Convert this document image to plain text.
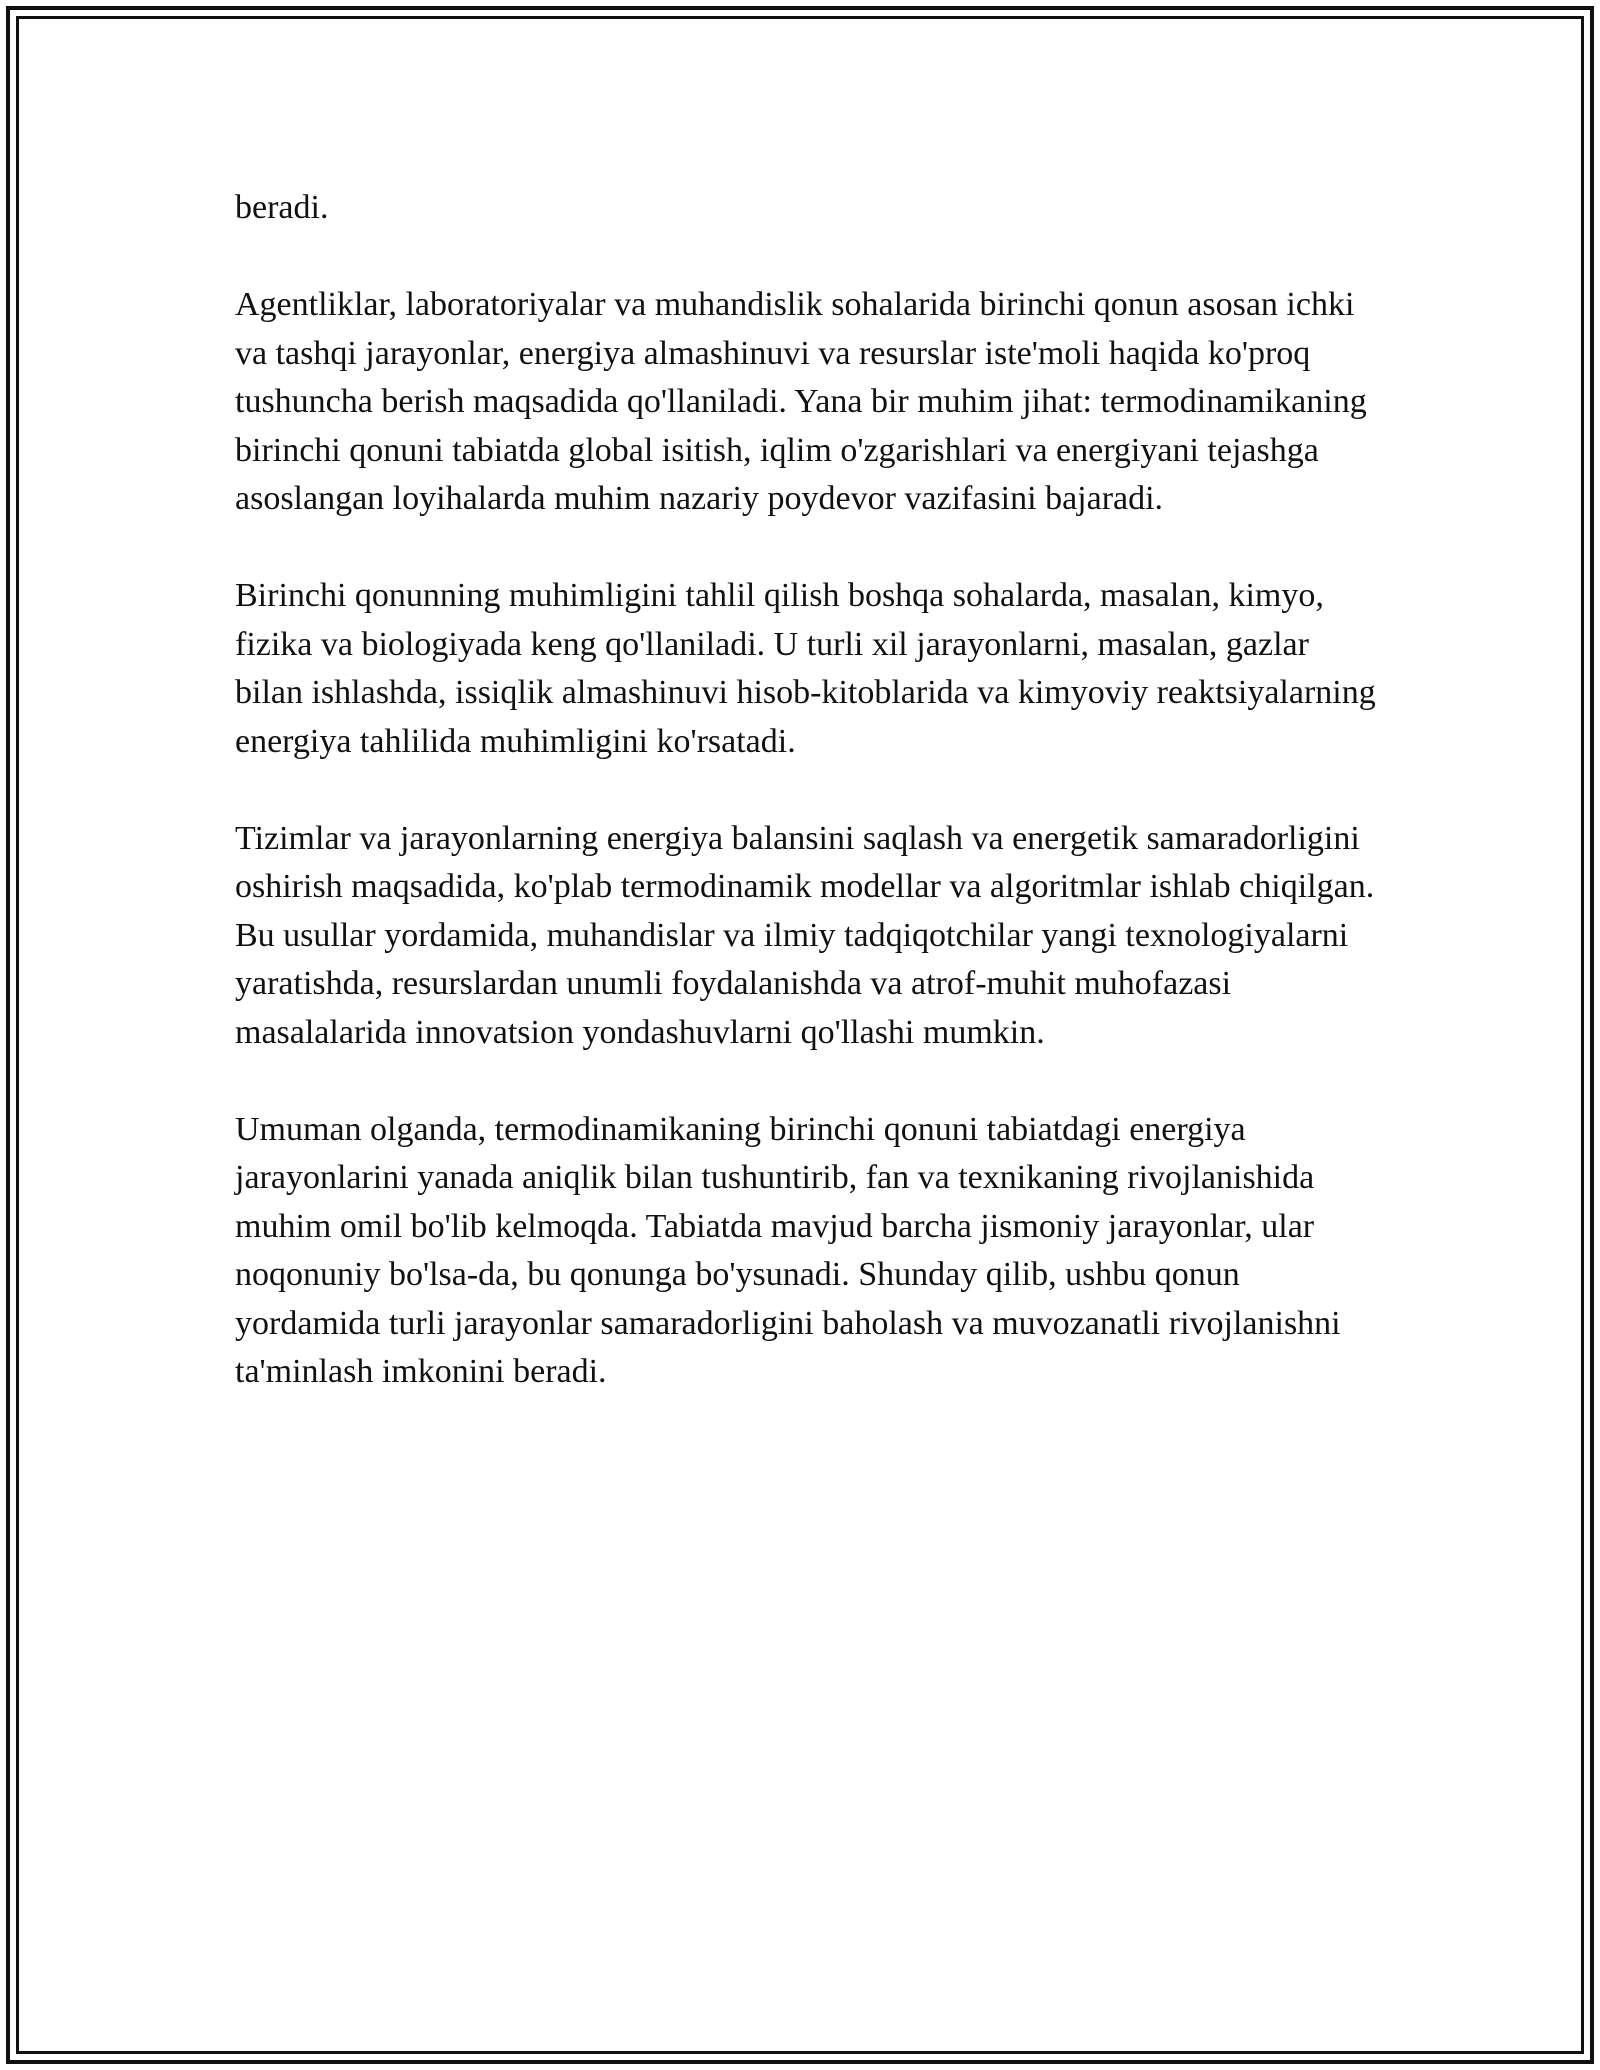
beradi.

Agentliklar, laboratoriyalar va muhandislik sohalarida birinchi qonun asosan ichki va tashqi jarayonlar, energiya almashinuvi va resurslar iste'moli haqida ko'proq tushuncha berish maqsadida qo'llaniladi. Yana bir muhim jihat: termodinamikaning birinchi qonuni tabiatda global isitish, iqlim o'zgarishlari va energiyani tejashga asoslangan loyihalarda muhim nazariy poydevor vazifasini bajaradi.

Birinchi qonunning muhimligini tahlil qilish boshqa sohalarda, masalan, kimyo, fizika va biologiyada keng qo'llaniladi. U turli xil jarayonlarni, masalan, gazlar bilan ishlashda, issiqlik almashinuvi hisob-kitoblarida va kimyoviy reaktsiyalarning energiya tahlilida muhimligini ko'rsatadi.

Tizimlar va jarayonlarning energiya balansini saqlash va energetik samaradorligini oshirish maqsadida, ko'plab termodinamik modellar va algoritmlar ishlab chiqilgan. Bu usullar yordamida, muhandislar va ilmiy tadqiqotchilar yangi texnologiyalarni yaratishda, resurslardan unumli foydalanishda va atrof-muhit muhofazasi masalalarida innovatsion yondashuvlarni qo'llashi mumkin.

Umuman olganda, termodinamikaning birinchi qonuni tabiatdagi energiya jarayonlarini yanada aniqlik bilan tushuntirib, fan va texnikaning rivojlanishida muhim omil bo'lib kelmoqda. Tabiatda mavjud barcha jismoniy jarayonlar, ular noqonuniy bo'lsa-da, bu qonunga bo'ysunadi. Shunday qilib, ushbu qonun yordamida turli jarayonlar samaradorligini baholash va muvozanatli rivojlanishni ta'minlash imkonini beradi.
